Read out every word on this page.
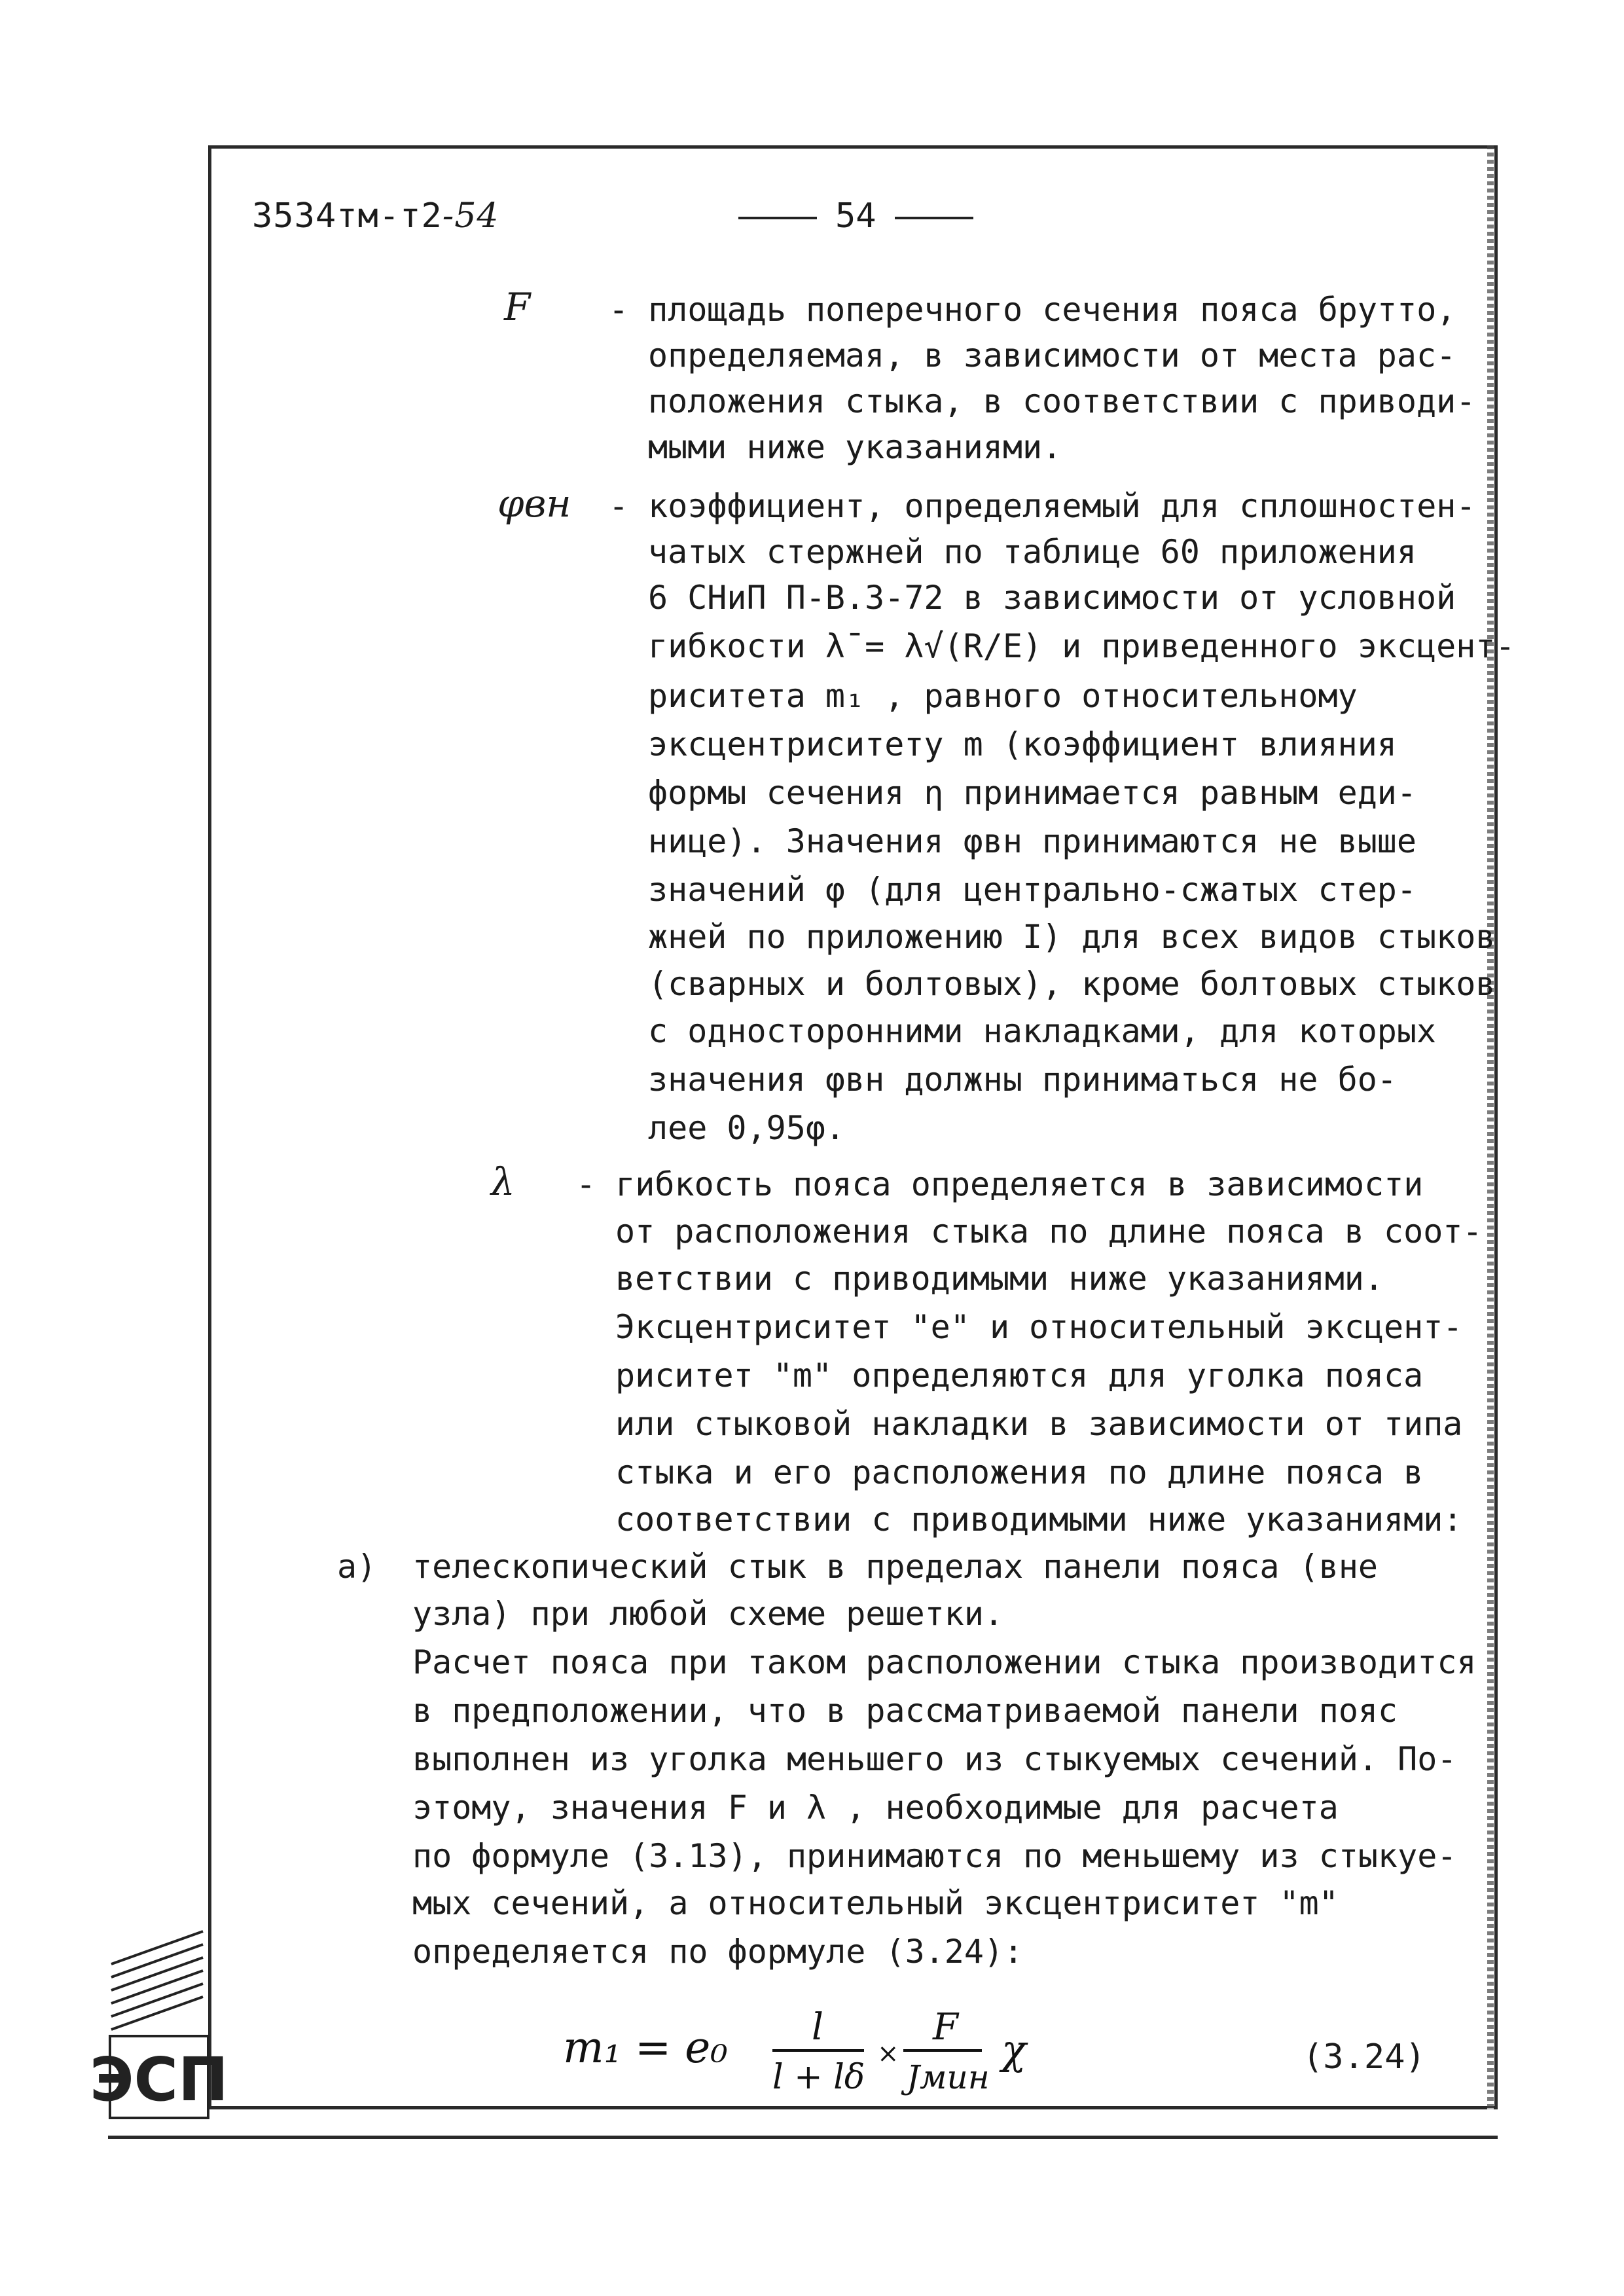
3534тм-т2-54	54
F - площадь поперечного сечения пояса брутто,
определяемая, в зависимости от места рас-
положения стыка, в соответствии с приводи-
мыми ниже указаниями.
φвн - коэффициент, определяемый для сплошностен-
чатых стержней по таблице 60 приложения
6 СНиП П-В.3-72 в зависимости от условной
гибкости λ̄ = λ√(R/E) и приведенного эксцент-
риситета m₁ , равного относительному
эксцентриситету m (коэффициент влияния
формы сечения η принимается равным еди-
нице). Значения φвн принимаются не выше
значений φ (для центрально-сжатых стер-
жней по приложению I) для всех видов стыков
(сварных и болтовых), кроме болтовых стыков
с односторонними накладками, для которых
значения φвн должны приниматься не бо-
лее 0,95φ.
λ - гибкость пояса определяется в зависимости
от расположения стыка по длине пояса в соот-
ветствии с приводимыми ниже указаниями.
Эксцентриситет "e" и относительный эксцент-
риситет "m" определяются для уголка пояса
или стыковой накладки в зависимости от типа
стыка и его расположения по длине пояса в
соответствии с приводимыми ниже указаниями:
а) телескопический стык в пределах панели пояса (вне
узла) при любой схеме решетки.
Расчет пояса при таком расположении стыка производится
в предположении, что в рассматриваемой панели пояс
выполнен из уголка меньшего из стыкуемых сечений. По-
этому, значения F и λ , необходимые для расчета
по формуле (3.13), принимаются по меньшему из стыкуе-
мых сечений, а относительный эксцентриситет "m"
определяется по формуле (3.24):
m₁ = e₀ l
l + lδ
×
F
Jмин
χ	(3.24)
ЭСП
